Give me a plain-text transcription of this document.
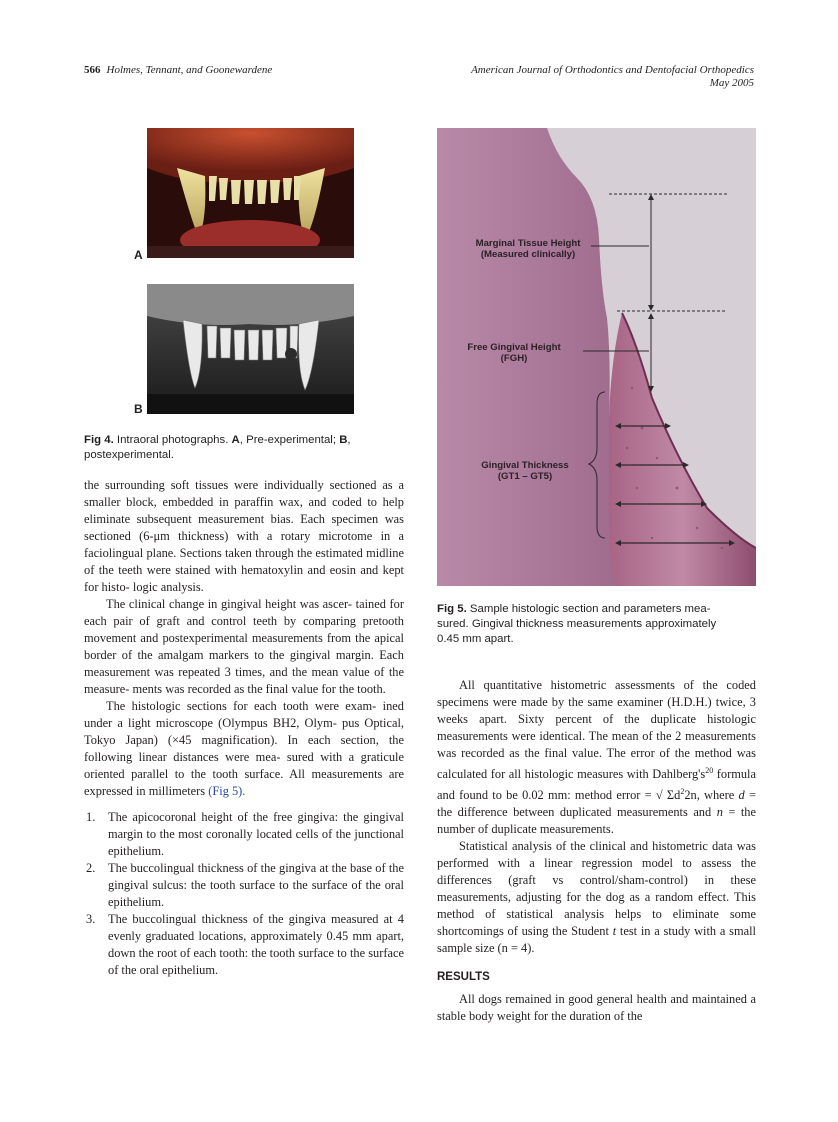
566 Holmes, Tennant, and Goonewardene	American Journal of Orthodontics and Dentofacial Orthopedics
May 2005
A
B
Fig 4. Intraoral photographs. A, Pre-experimental; B,
postexperimental.

the surrounding soft tissues were individually sectioned as a smaller block, embedded in paraffin wax, and coded to help eliminate subsequent measurement bias. Each specimen was sectioned (6-μm thickness) with a rotary microtome in a faciolingual plane. Sections taken through the estimated midline of the teeth were stained with hematoxylin and eosin and kept for histo- logic analysis.

The clinical change in gingival height was ascer- tained for each pair of graft and control teeth by comparing pretooth movement and postexperimental measurements from the apical border of the amalgam markers to the gingival margin. Each measurement was repeated 3 times, and the mean value of the measure- ments was recorded as the final value for the tooth.

The histologic sections for each tooth were exam- ined under a light microscope (Olympus BH2, Olym- pus Optical, Tokyo Japan) (×45 magnification). In each section, the following linear distances were mea- sured with a graticule oriented parallel to the tooth surface. All measurements are expressed in millimeters (Fig 5).

1. The apicocoronal height of the free gingiva: the gingival margin to the most coronally located cells of the junctional epithelium.
2. The buccolingual thickness of the gingiva at the base of the gingival sulcus: the tooth surface to the surface of the oral epithelium.
3. The buccolingual thickness of the gingiva measured at 4 evenly graduated locations, approximately 0.45 mm apart, down the root of each tooth: the tooth surface to the surface of the oral epithelium.
Marginal Tissue Height
(Measured clinically)
Free Gingival Height
(FGH)
Gingival Thickness
(GT1 – GT5)
Fig 5. Sample histologic section and parameters mea-
sured. Gingival thickness measurements approximately
0.45 mm apart.

All quantitative histometric assessments of the coded specimens were made by the same examiner (H.D.H.) twice, 3 weeks apart. Sixty percent of the duplicate histologic measurements were identical. The mean of the 2 measurements was recorded as the final value. The error of the method was calculated for all histologic measures with $Dahlberg's^{20}$ formula and found to be 0.02 mm: method error = √ $\Sigma d^22n$, where d = the difference between duplicated measurements and n = the number of duplicate measurements.

Statistical analysis of the clinical and histometric data was performed with a linear regression model to assess the differences (graft vs control/sham-control) in these measurements, adjusting for the dog as a random effect. This method of statistical analysis helps to eliminate some shortcomings of using the Student t test in a study with a small sample size (n = 4).

RESULTS

All dogs remained in good general health and maintained a stable body weight for the duration of the
